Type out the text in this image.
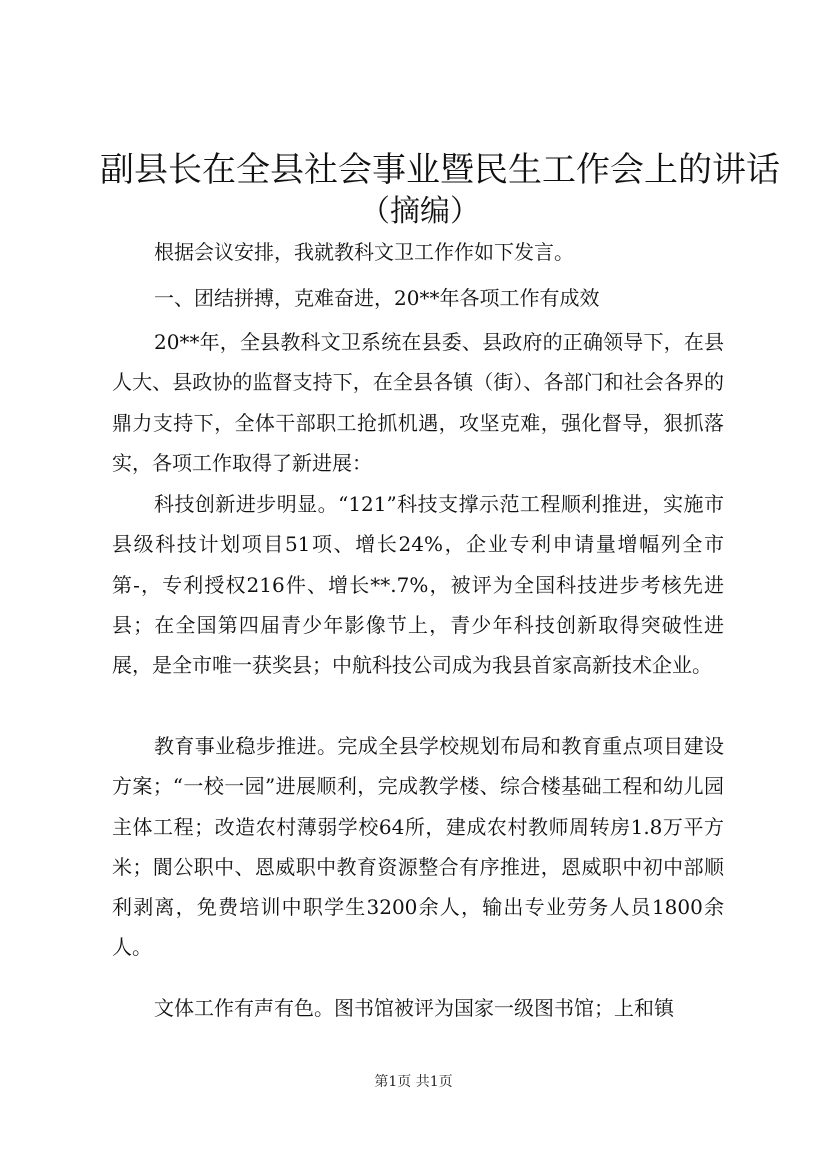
副县长在全县社会事业暨民生工作会上的讲话
（摘编）

根据会议安排，我就教科文卫工作作如下发言。

一、团结拼搏，克难奋进，20**年各项工作有成效

20**年，全县教科文卫系统在县委、县政府的正确领导下，在县人大、县政协的监督支持下，在全县各镇（街）、各部门和社会各界的鼎力支持下，全体干部职工抢抓机遇，攻坚克难，强化督导，狠抓落实，各项工作取得了新进展：

科技创新进步明显。“121”科技支撑示范工程顺利推进，实施市县级科技计划项目51项、增长24%，企业专利申请量增幅列全市第-，专利授权216件、增长**.7%，被评为全国科技进步考核先进县；在全国第四届青少年影像节上，青少年科技创新取得突破性进展，是全市唯一获奖县；中航科技公司成为我县首家高新技术企业。

教育事业稳步推进。完成全县学校规划布局和教育重点项目建设方案；“一校一园”进展顺利，完成教学楼、综合楼基础工程和幼儿园主体工程；改造农村薄弱学校64所，建成农村教师周转房1.8万平方米；閬公职中、恩威职中教育资源整合有序推进，恩威职中初中部顺利剥离，免费培训中职学生3200余人，输出专业劳务人员1800余人。

文体工作有声有色。图书馆被评为国家一级图书馆；上和镇

第1页 共1页
